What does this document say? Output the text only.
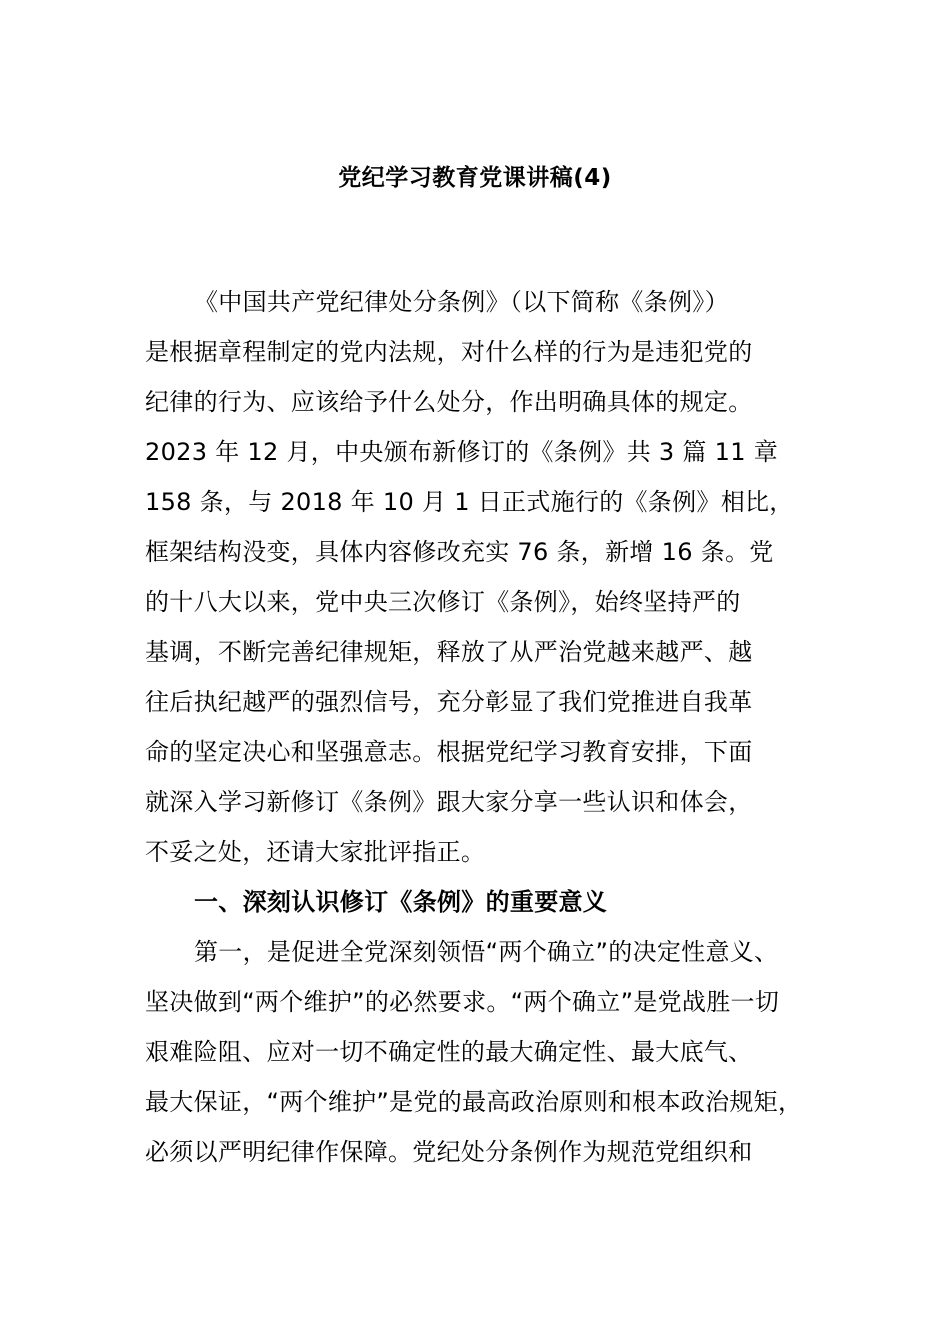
党纪学习教育党课讲稿(4)
《中国共产党纪律处分条例》（以下简称《条例》）
是根据章程制定的党内法规，对什么样的行为是违犯党的
纪律的行为、应该给予什么处分，作出明确具体的规定。
2023 年 12 月，中央颁布新修订的《条例》共 3 篇 11 章
158 条，与 2018 年 10 月 1 日正式施行的《条例》相比，
框架结构没变，具体内容修改充实 76 条，新增 16 条。党
的十八大以来，党中央三次修订《条例》，始终坚持严的
基调，不断完善纪律规矩，释放了从严治党越来越严、越
往后执纪越严的强烈信号，充分彰显了我们党推进自我革
命的坚定决心和坚强意志。根据党纪学习教育安排，下面
就深入学习新修订《条例》跟大家分享一些认识和体会，
不妥之处，还请大家批评指正。
一、深刻认识修订《条例》的重要意义
第一，是促进全党深刻领悟“两个确立”的决定性意义、
坚决做到“两个维护”的必然要求。“两个确立”是党战胜一切
艰难险阻、应对一切不确定性的最大确定性、最大底气、
最大保证，“两个维护”是党的最高政治原则和根本政治规矩，
必须以严明纪律作保障。党纪处分条例作为规范党组织和
